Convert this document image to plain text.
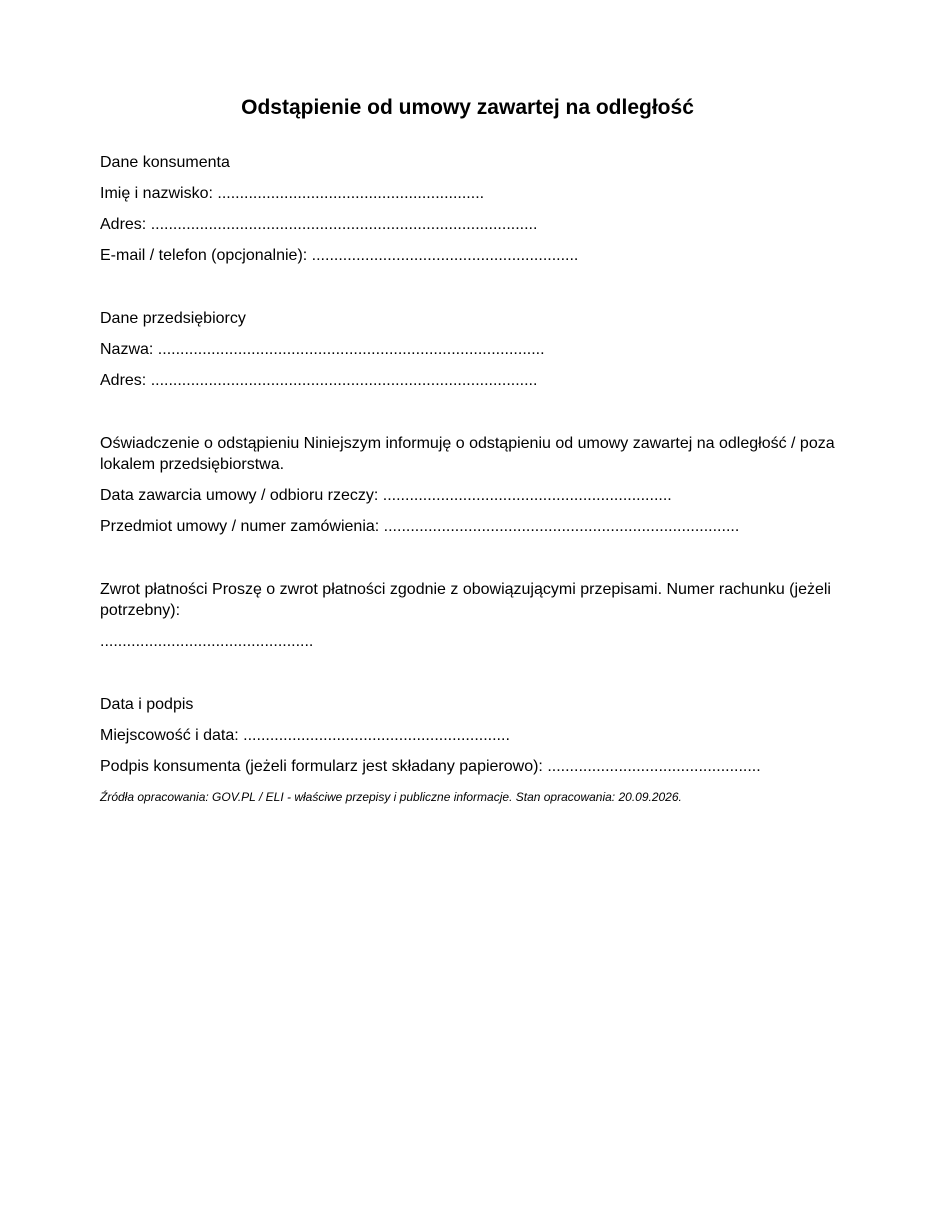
Odstąpienie od umowy zawartej na odległość

Dane konsumenta

Imię i nazwisko: ............................................................

Adres: .......................................................................................

E-mail / telefon (opcjonalnie): ............................................................

Dane przedsiębiorcy

Nazwa: .......................................................................................

Adres: .......................................................................................

Oświadczenie o odstąpieniu Niniejszym informuję o odstąpieniu od umowy zawartej na odległość / poza lokalem przedsiębiorstwa.

Data zawarcia umowy / odbioru rzeczy: .................................................................

Przedmiot umowy / numer zamówienia: ................................................................................

Zwrot płatności Proszę o zwrot płatności zgodnie z obowiązującymi przepisami. Numer rachunku (jeżeli potrzebny):

................................................

Data i podpis

Miejscowość i data: ............................................................

Podpis konsumenta (jeżeli formularz jest składany papierowo): ................................................

Źródła opracowania: GOV.PL / ELI - właściwe przepisy i publiczne informacje. Stan opracowania: 20.09.2026.
